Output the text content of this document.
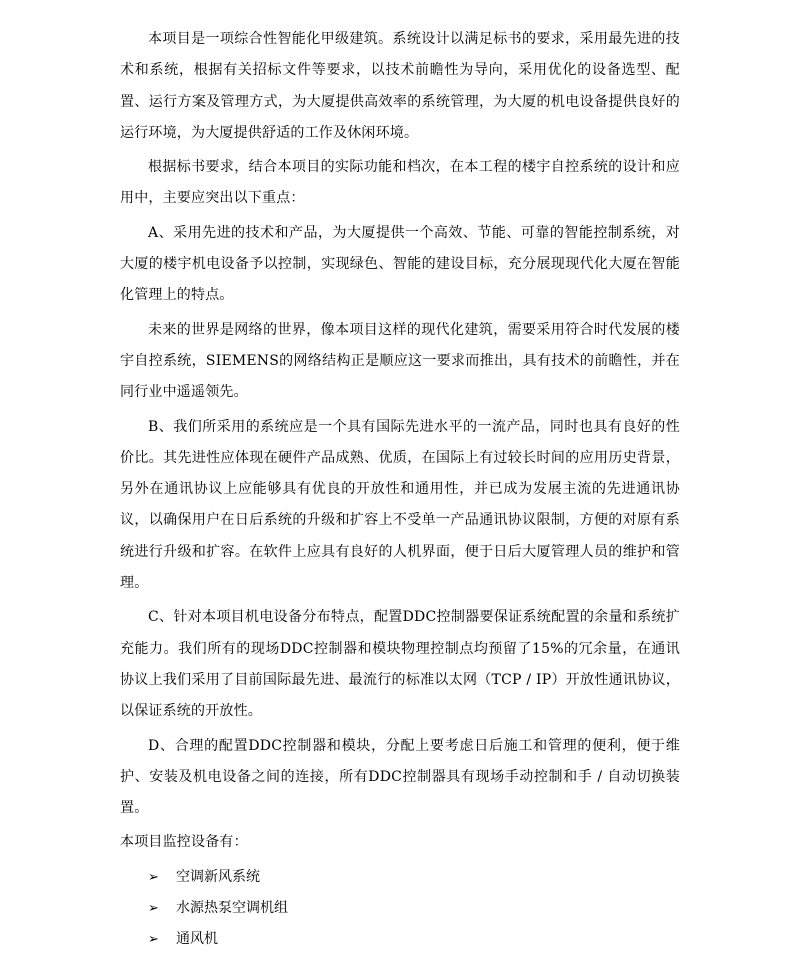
本项目是一项综合性智能化甲级建筑。系统设计以满足标书的要求，采用最先进的技术和系统，根据有关招标文件等要求，以技术前瞻性为导向，采用优化的设备选型、配置、运行方案及管理方式，为大厦提供高效率的系统管理，为大厦的机电设备提供良好的运行环境，为大厦提供舒适的工作及休闲环境。

根据标书要求，结合本项目的实际功能和档次，在本工程的楼宇自控系统的设计和应用中，主要应突出以下重点：

A、采用先进的技术和产品，为大厦提供一个高效、节能、可靠的智能控制系统，对大厦的楼宇机电设备予以控制，实现绿色、智能的建设目标，充分展现现代化大厦在智能化管理上的特点。

未来的世界是网络的世界，像本项目这样的现代化建筑，需要采用符合时代发展的楼宇自控系统，SIEMENS的网络结构正是顺应这一要求而推出，具有技术的前瞻性，并在同行业中遥遥领先。

B、我们所采用的系统应是一个具有国际先进水平的一流产品，同时也具有良好的性价比。其先进性应体现在硬件产品成熟、优质，在国际上有过较长时间的应用历史背景，另外在通讯协议上应能够具有优良的开放性和通用性，并已成为发展主流的先进通讯协议，以确保用户在日后系统的升级和扩容上不受单一产品通讯协议限制，方便的对原有系统进行升级和扩容。在软件上应具有良好的人机界面，便于日后大厦管理人员的维护和管理。

C、针对本项目机电设备分布特点，配置DDC控制器要保证系统配置的余量和系统扩充能力。我们所有的现场DDC控制器和模块物理控制点均预留了15%的冗余量，在通讯协议上我们采用了目前国际最先进、最流行的标准以太网（TCP / IP）开放性通讯协议，以保证系统的开放性。

D、合理的配置DDC控制器和模块，分配上要考虑日后施工和管理的便利，便于维护、安装及机电设备之间的连接，所有DDC控制器具有现场手动控制和手 / 自动切换装置。

本项目监控设备有：

➢	空调新风系统
➢	水源热泵空调机组
➢	通风机
